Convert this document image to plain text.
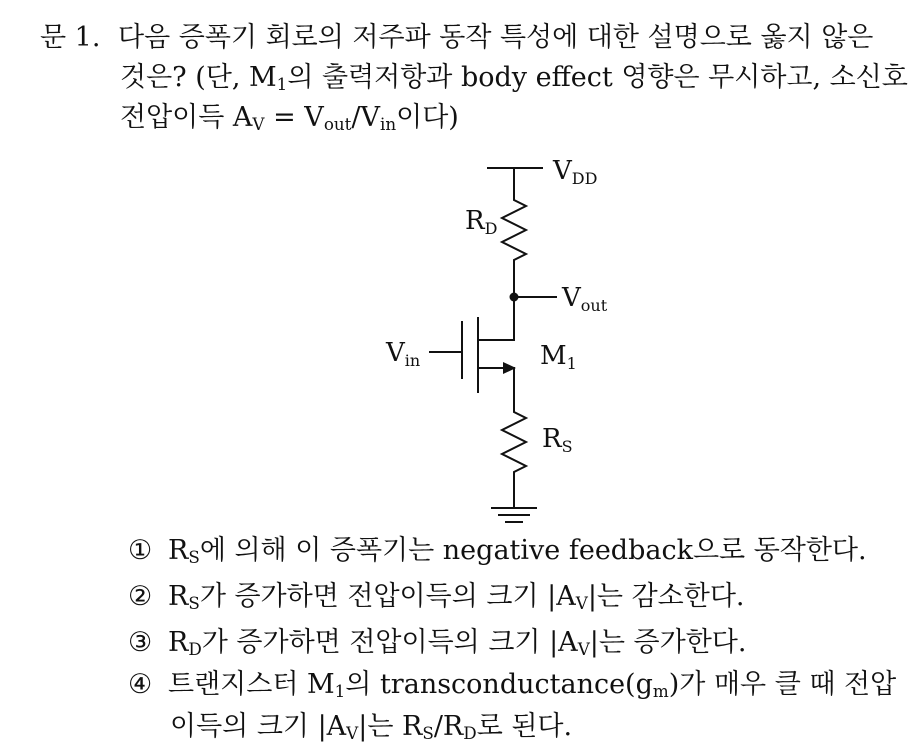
문 1. 다음 증폭기 회로의 저주파 동작 특성에 대한 설명으로 옳지 않은
것은? (단, $M_1$의 출력저항과 body effect 영향은 무시하고, 소신호
전압이득 $A_V = V_{out}/V_{in}$이다)
VDD
RD
Vout
Vin	M1
RS
① $R_S$에 의해 이 증폭기는 negative feedback으로 동작한다.
② $R_S$가 증가하면 전압이득의 크기 $|A_V|$는 감소한다.
③ $R_D$가 증가하면 전압이득의 크기 $|A_V|$는 증가한다.
④ 트랜지스터 $M_1$의 $transconductance(g_m)$가 매우 클 때 전압
이득의 크기 $|A_V|$는 $R_S/R_D$로 된다.
